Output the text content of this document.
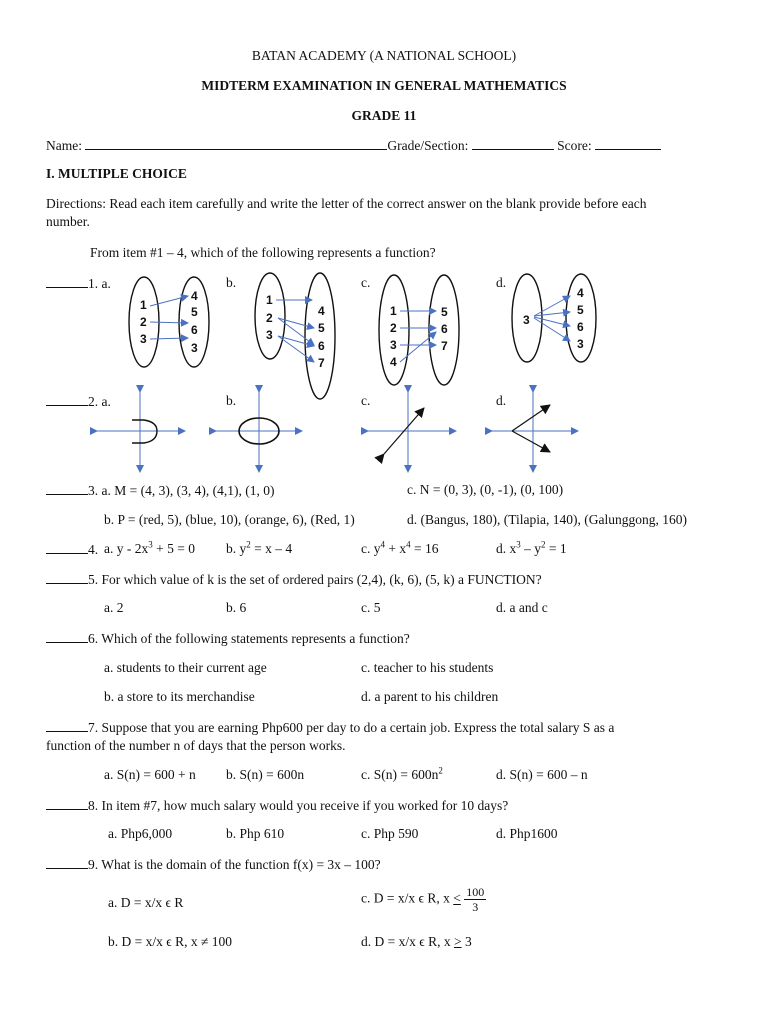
BATAN ACADEMY (A NATIONAL SCHOOL)
MIDTERM EXAMINATION IN GENERAL MATHEMATICS
GRADE 11
Name:	Grade/Section:	Score:
I. MULTIPLE CHOICE
Directions: Read each item carefully and write the letter of the correct answer on the blank provide before each
number.
From item #1 – 4, which of the following represents a function?
1. a.	b.	c.	d.
1
2
3
4
5
6
3
1
2
3
4
5
6
7
1
2
3
4
5
6
7
3
4
5
6
3
2. a.	b.	c.	d.
3. a. M = (4, 3), (3, 4), (4,1), (1, 0)	c. N = (0, 3), (0, -1), (0, 100)
b. P = (red, 5), (blue, 10), (orange, 6), (Red, 1)	d. (Bangus, 180), (Tilapia, 140), (Galunggong, 160)
4. a. $y - 2x^3 + 5 = 0$ b. $y^2 = x - 4$	c. $y^4 + x^4 = 16$	d. $x^3 - y^2 = 1$
5. For which value of k is the set of ordered pairs (2,4), (k, 6), (5, k) a FUNCTION?
a. 2	b. 6	c. 5	d. a and c
6. Which of the following statements represents a function?
a. students to their current age	c. teacher to his students
b. a store to its merchandise	d. a parent to his children
7. Suppose that you are earning Php600 per day to do a certain job. Express the total salary S as a
function of the number n of days that the person works.
a. S(n) = 600 + n b. S(n) = 600n	c. $S(n) = 600n^2$	d. S(n) = 600 – n
8. In item #7, how much salary would you receive if you worked for 10 days?
a. Php6,000	b. Php 610	c. Php 590	d. Php1600
9. What is the domain of the function f(x) = 3x – 100?
a. D = x/x ϵ R	c. D = x/x ϵ R, $x < \frac{100}{3}$
b. D = x/x ϵ R, x ≠ 100	d. D = x/x ϵ R, x > 3
